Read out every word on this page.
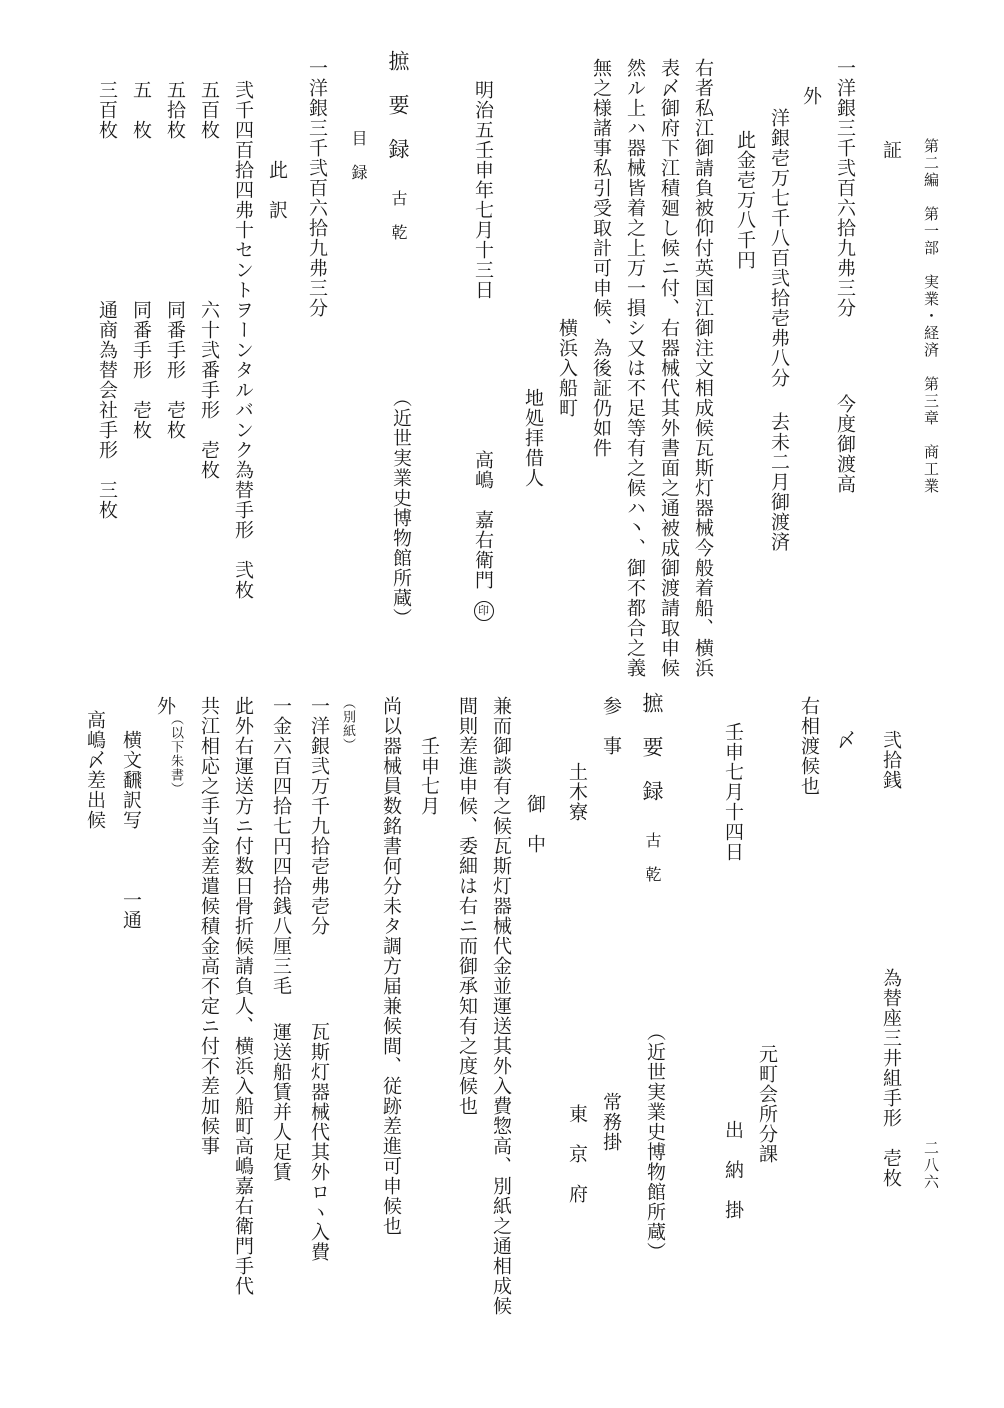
第二編　第一部　実業・経済　第三章　商工業
二八六
証
一洋銀三千弐百六拾九弗三分
今度御渡高
外
洋銀壱万七千八百弐拾壱弗八分
去未二月御渡済
此金壱万八千円
右者私江御請負被仰付英国江御注文相成候瓦斯灯器械今般着船、横浜
表〆御府下江積廻し候ニ付、右器械代其外書面之通被成御渡請取申候
然ル上ハ器械皆着之上万一損シ又は不足等有之候ハ丶、御不都合之義
無之様諸事私引受取計可申候、為後証仍如件
横浜入船町
地処拝借人
明治五壬申年七月十三日
高嶋　嘉右衛門
印
摭　要　録
古　乾
（近世実業史博物館所蔵）
目　録
一洋銀三千弐百六拾九弗三分
此　訳
弐千四百拾四弗十セント
ヲーンタルバンク為替手形　弐枚
五百枚
六十弐番手形　壱枚
五拾枚
同番手形　壱枚
五　枚
同番手形　壱枚
三百枚
通商為替会社手形　三枚
弐拾銭
為替座三井組手形　壱枚
〆
右相渡候也
元町会所分課
壬申七月十四日
出　納　掛
摭　要　録
古　乾
（近世実業史博物館所蔵）
参　事
常務掛
土木寮
東　京　府
御　中
兼而御談有之候瓦斯灯器械代金並運送其外入費惣高、別紙之通相成候
間則差進申候、委細は右ニ而御承知有之度候也
壬申七月
尚以器械員数銘書何分未タ調方届兼候間、従跡差進可申候也
（別紙）
一洋銀弐万千九拾壱弗壱分
瓦斯灯器械代其外ロヽ入費
一金六百四拾七円四拾銭八厘三毛
運送船賃并人足賃
此外右運送方ニ付数日骨折候請負人、横浜入船町高嶋嘉右衛門手代
共江相応之手当金差遣候積金高不定ニ付不差加候事
（以下朱書）
外
横文飜訳写
一通
高嶋〆差出候
